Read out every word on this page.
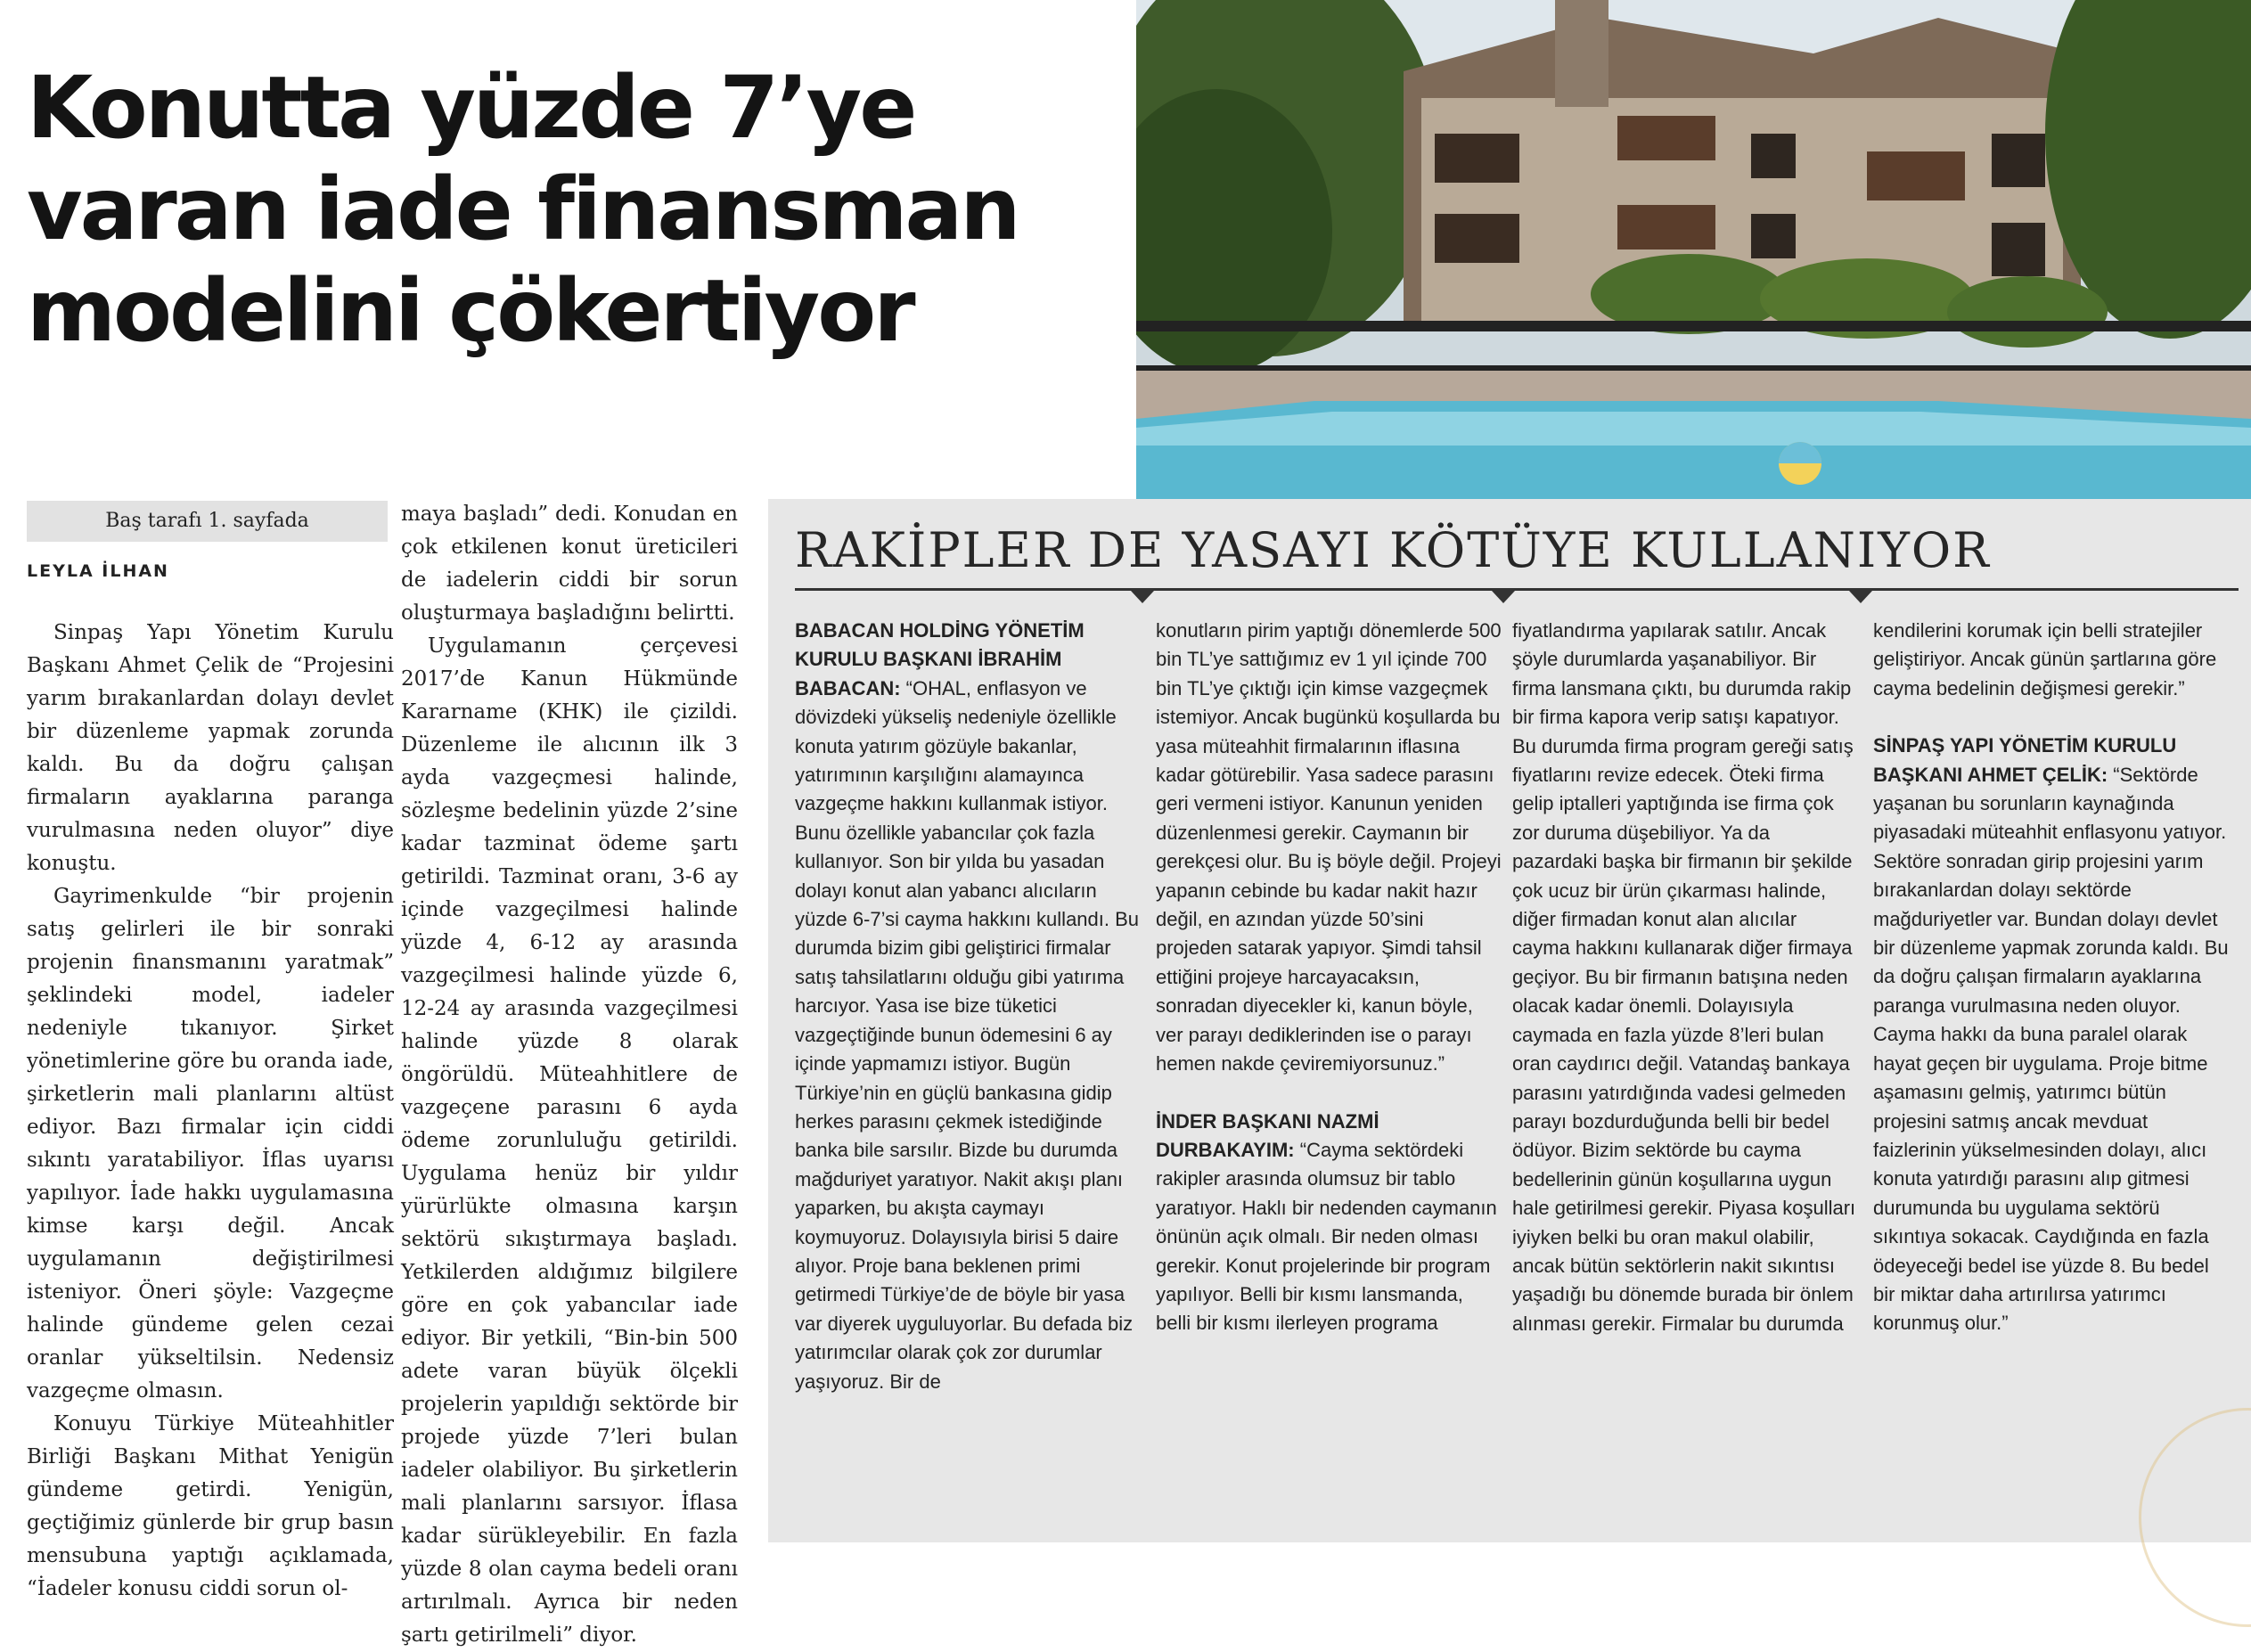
Konutta yüzde 7’ye
varan iade finansman
modelini çökertiyor
Baş tarafı 1. sayfada
LEYLA İLHAN

Sinpaş Yapı Yönetim Kurulu Başkanı Ahmet Çelik de “Projesini yarım bırakanlardan dolayı devlet bir düzenleme yapmak zorunda kaldı. Bu da doğru çalışan firmaların ayaklarına paranga vurulmasına neden oluyor” diye konuştu.

Gayrimenkulde “bir projenin satış gelirleri ile bir sonraki projenin finansmanını yaratmak” şeklindeki model, iadeler nedeniyle tıkanıyor. Şirket yönetimlerine göre bu oranda iade, şirketlerin mali planlarını altüst ediyor. Bazı firmalar için ciddi sıkıntı yaratabiliyor. İflas uyarısı yapılıyor. İade hakkı uygulamasına kimse karşı değil. Ancak uygulamanın değiştirilmesi isteniyor. Öneri şöyle: Vazgeçme halinde gündeme gelen cezai oranlar yükseltilsin. Nedensiz vazgeçme olmasın.

Konuyu Türkiye Müteahhitler Birliği Başkanı Mithat Yenigün gündeme getirdi. Yenigün, geçtiğimiz günlerde bir grup basın mensubuna yaptığı açıklamada, “İadeler konusu ciddi sorun ol-

maya başladı” dedi. Konudan en çok etkilenen konut üreticileri de iadelerin ciddi bir sorun oluşturmaya başladığını belirtti.

Uygulamanın çerçevesi 2017’de Kanun Hükmünde Kararname (KHK) ile çizildi. Düzenleme ile alıcının ilk 3 ayda vazgeçmesi halinde, sözleşme bedelinin yüzde 2’sine kadar tazminat ödeme şartı getirildi. Tazminat oranı, 3-6 ay içinde vazgeçilmesi halinde yüzde 4, 6-12 ay arasında vazgeçilmesi halinde yüzde 6, 12-24 ay arasında vazgeçilmesi halinde yüzde 8 olarak öngörüldü. Müteahhitlere de vazgeçene parasını 6 ayda ödeme zorunluluğu getirildi. Uygulama henüz bir yıldır yürürlükte olmasına karşın sektörü sıkıştırmaya başladı. Yetkilerden aldığımız bilgilere göre en çok yabancılar iade ediyor. Bir yetkili, “Bin-bin 500 adete varan büyük ölçekli projelerin yapıldığı sektörde bir projede yüzde 7’leri bulan iadeler olabiliyor. Bu şirketlerin mali planlarını sarsıyor. İflasa kadar sürükleyebilir. En fazla yüzde 8 olan cayma bedeli oranı artırılmalı. Ayrıca bir neden şartı getirilmeli” diyor.

RAKİPLER DE YASAYI KÖTÜYE KULLANIYOR

BABACAN HOLDİNG YÖNETİM KURULU BAŞKANI İBRAHİM BABACAN: “OHAL, enflasyon ve dövizdeki yükseliş nedeniyle özellikle konuta yatırım gözüyle bakanlar, yatırımının karşılığını alamayınca vazgeçme hakkını kullanmak istiyor. Bunu özellikle yabancılar çok fazla kullanıyor. Son bir yılda bu yasadan dolayı konut alan yabancı alıcıların yüzde 6-7’si cayma hakkını kullandı. Bu durumda bizim gibi geliştirici firmalar satış tahsilatlarını olduğu gibi yatırıma harcıyor. Yasa ise bize tüketici vazgeçtiğinde bunun ödemesini 6 ay içinde yapmamızı istiyor. Bugün Türkiye’nin en güçlü bankasına gidip herkes parasını çekmek istediğinde banka bile sarsılır. Bizde bu durumda mağduriyet yaratıyor. Nakit akışı planı yaparken, bu akışta caymayı koymuyoruz. Dolayısıyla birisi 5 daire alıyor. Proje bana beklenen primi getirmedi Türkiye’de de böyle bir yasa var diyerek uyguluyorlar. Bu defada biz yatırımcılar olarak çok zor durumlar yaşıyoruz. Bir de

konutların pirim yaptığı dönemlerde 500 bin TL’ye sattığımız ev 1 yıl içinde 700 bin TL’ye çıktığı için kimse vazgeçmek istemiyor. Ancak bugünkü koşullarda bu yasa müteahhit firmalarının iflasına kadar götürebilir. Yasa sadece parasını geri vermeni istiyor. Kanunun yeniden düzenlenmesi gerekir. Caymanın bir gerekçesi olur. Bu iş böyle değil. Projeyi yapanın cebinde bu kadar nakit hazır değil, en azından yüzde 50’sini projeden satarak yapıyor. Şimdi tahsil ettiğini projeye harcayacaksın, sonradan diyecekler ki, kanun böyle, ver parayı dediklerinden ise o parayı hemen nakde çeviremiyorsunuz.”

İNDER BAŞKANI NAZMİ DURBAKAYIM: “Cayma sektördeki rakipler arasında olumsuz bir tablo yaratıyor. Haklı bir nedenden caymanın önünün açık olmalı. Bir neden olması gerekir. Konut projelerinde bir program yapılıyor. Belli bir kısmı lansmanda, belli bir kısmı ilerleyen programa

fiyatlandırma yapılarak satılır. Ancak şöyle durumlarda yaşanabiliyor. Bir firma lansmana çıktı, bu durumda rakip bir firma kapora verip satışı kapatıyor. Bu durumda firma program gereği satış fiyatlarını revize edecek. Öteki firma gelip iptalleri yaptığında ise firma çok zor duruma düşebiliyor. Ya da pazardaki başka bir firmanın bir şekilde çok ucuz bir ürün çıkarması halinde, diğer firmadan konut alan alıcılar cayma hakkını kullanarak diğer firmaya geçiyor. Bu bir firmanın batışına neden olacak kadar önemli. Dolayısıyla caymada en fazla yüzde 8’leri bulan oran caydırıcı değil. Vatandaş bankaya parasını yatırdığında vadesi gelmeden parayı bozdurduğunda belli bir bedel ödüyor. Bizim sektörde bu cayma bedellerinin günün koşullarına uygun hale getirilmesi gerekir. Piyasa koşulları iyiyken belki bu oran makul olabilir, ancak bütün sektörlerin nakit sıkıntısı yaşadığı bu dönemde burada bir önlem alınması gerekir. Firmalar bu durumda

kendilerini korumak için belli stratejiler geliştiriyor. Ancak günün şartlarına göre cayma bedelinin değişmesi gerekir.”

SİNPAŞ YAPI YÖNETİM KURULU BAŞKANI AHMET ÇELİK: “Sektörde yaşanan bu sorunların kaynağında piyasadaki müteahhit enflasyonu yatıyor. Sektöre sonradan girip projesini yarım bırakanlardan dolayı sektörde mağduriyetler var. Bundan dolayı devlet bir düzenleme yapmak zorunda kaldı. Bu da doğru çalışan firmaların ayaklarına paranga vurulmasına neden oluyor. Cayma hakkı da buna paralel olarak hayat geçen bir uygulama. Proje bitme aşamasını gelmiş, yatırımcı bütün projesini satmış ancak mevduat faizlerinin yükselmesinden dolayı, alıcı konuta yatırdığı parasını alıp gitmesi durumunda bu uygulama sektörü sıkıntıya sokacak. Caydığında en fazla ödeyeceği bedel ise yüzde 8. Bu bedel bir miktar daha artırılırsa yatırımcı korunmuş olur.”
